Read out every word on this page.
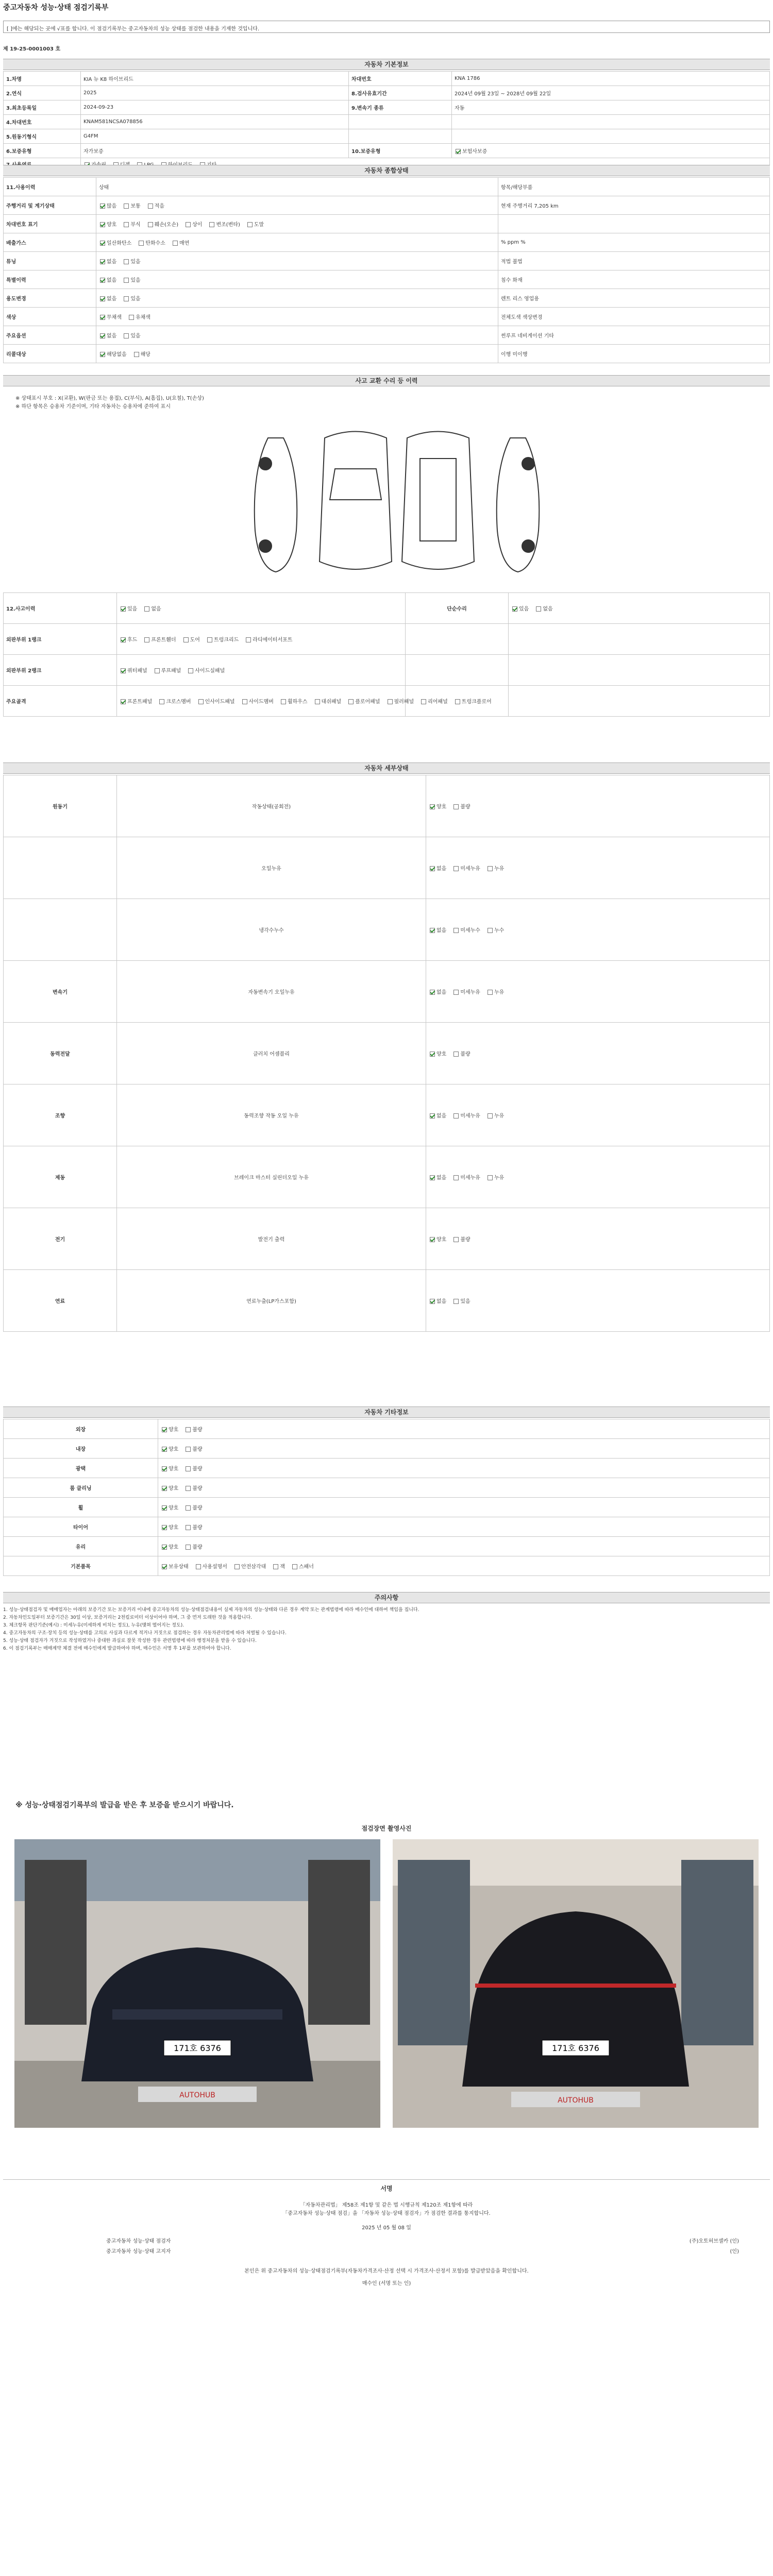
중고자동차 성능·상태 점검기록부
[ ]에는 해당되는 곳에 √표를 합니다. 이 점검기록부는 중고자동차의 성능 상태를 점검한 내용을 기재한 것입니다.
제 19-25-0001003 호
자동차 기본정보
1.차명	KIA 뉴 K8 하이브리드	차대번호	KNA 1786
2.연식	2025	8.검사유효기간	2024년 09월 23일 ~ 2028년 09월 22일
3.최초등록일	2024-09-23	9.변속기 종류	자동
4.차대번호	KNAM581NCSA078856		
5.원동기형식	G4FM		
6.보증유형	자가보증	10.보증유형	보험사보증

자동차 종합상태
11.사용이력	상태	항목/해당부품
주행거리 및 계기상태	많음 보통 적음	현재 주행거리 7,205 km
차대번호 표기	양호 부식 훼손(오손) 상이 변조(변타) 도말	
배출가스	일산화탄소 탄화수소 매연	% ppm %
튜닝	없음 있음	적법 불법
특별이력	없음 있음	침수 화재
용도변경	없음 있음	렌트 리스 영업용
색상	무채색 유채색	전체도색 색상변경
주요옵션	없음 있음	썬루프 네비게이션 기타
리콜대상	해당없음 해당	이행 미이행
사고 교환 수리 등 이력
※ 상태표시 부호 : X(교환), W(판금 또는 용접), C(부식), A(흠집), U(요철), T(손상)
※ 하단 항목은 승용차 기준이며, 기타 자동차는 승용차에 준하여 표시
12.사고이력	있음 없음	단순수리	있음 없음
외판부위 1랭크	후드 프론트휀더 도어 트렁크리드 라디에이터서포트		
외판부위 2랭크	쿼터패널 루프패널 사이드실패널		
주요골격	프론트패널 크로스멤버 인사이드패널 사이드멤버 휠하우스 대쉬패널 플로어패널 필러패널 리어패널 트렁크플로어		
자동차 세부상태
원동기	작동상태(공회전)	양호 불량
	오일누유	없음 미세누유 누유
	냉각수누수	없음 미세누수 누수
변속기	자동변속기 오일누유	없음 미세누유 누유
동력전달	클러치 어셈블리	양호 불량
조향	동력조향 작동 오일 누유	없음 미세누유 누유
제동	브레이크 마스터 실린더오일 누유	없음 미세누유 누유
전기	발전기 출력	양호 불량
연료	연료누출(LP가스포함)	없음 있음
자동차 기타정보
외장	양호 불량
내장	양호 불량
광택	양호 불량
룸 클리닝	양호 불량
휠	양호 불량
타이어	양호 불량
유리	양호 불량
기본품목	보유상태 사용설명서 안전삼각대 잭 스패너
주의사항

1. 성능·상태점검자 및 매매업자는 아래의 보증기간 또는 보증거리 이내에 중고자동차의 성능·상태점검내용이 실제 자동차의 성능·상태와 다른 경우 계약 또는 관계법령에 따라 매수인에 대하여 책임을 집니다.

2. 자동차인도일부터 보증기간은 30일 이상, 보증거리는 2천킬로미터 이상이어야 하며, 그 중 먼저 도래한 것을 적용합니다.

3. 체크항목 판단기준(예시) : 미세누유(미세하게 비치는 정도), 누유(맺혀 떨어지는 정도).

4. 중고자동차의 구조·장치 등의 성능·상태를 고의로 사실과 다르게 적거나 거짓으로 점검하는 경우 자동차관리법에 따라 처벌될 수 있습니다.

5. 성능·상태 점검자가 거짓으로 작성하였거나 중대한 과실로 잘못 작성한 경우 관련법령에 따라 행정처분을 받을 수 있습니다.

6. 이 점검기록부는 매매계약 체결 전에 매수인에게 발급하여야 하며, 매수인은 서명 후 1부를 보관하여야 합니다.

※ 성능·상태점검기록부의 발급을 받은 후 보증을 받으시기 바랍니다.
점검장면 촬영사진
171호 6376
AUTOHUB
171호 6376
AUTOHUB
서명
「자동차관리법」 제58조 제1항 및 같은 법 시행규칙 제120조 제1항에 따라
「중고자동차 성능·상태 점검」을 「자동차 성능·상태 점검자」가 점검한 결과를 통지합니다.
2025 년 05 월 08 일
중고자동차 성능·상태 점검자	(주)오토허브셀카 (인)
중고자동차 성능·상태 고지자	(인)
본인은 위 중고자동차의 성능·상태점검기록부(자동차가격조사·산정 선택 시 가격조사·산정서 포함)를 발급받았음을 확인합니다.
매수인 (서명 또는 인)
